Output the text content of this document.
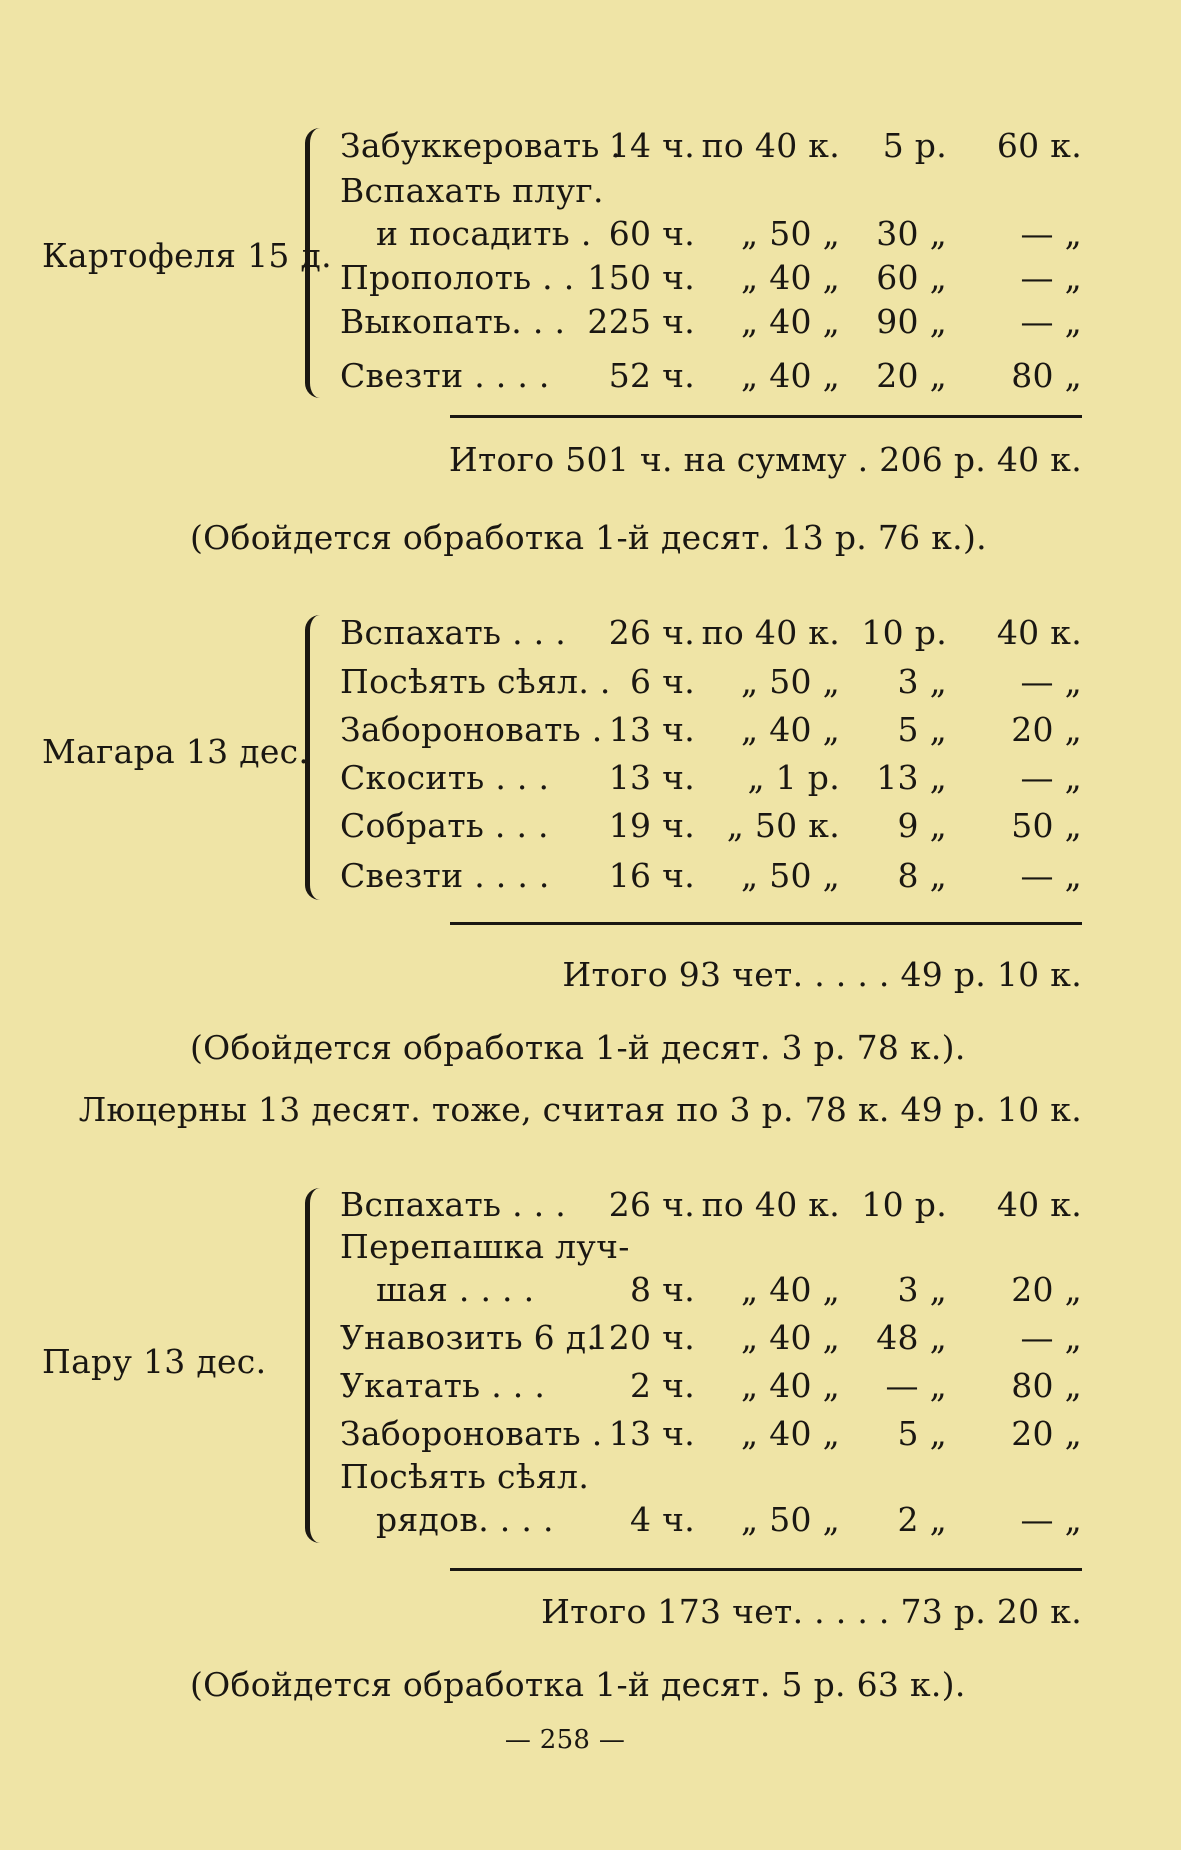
Картофеля 15 д.
Забуккеровать .
14 ч. по 40 к. 5 р. 60 к.
Вспахать плуг.
и посадить . 60 ч. „ 50 „ 30 „ — „
Прополоть . . 150 ч. „ 40 „ 60 „ — „
Выкопать. . . 225 ч. „ 40 „ 90 „ — „
Свезти . . . . 52 ч. „ 40 „ 20 „ 80 „
Итого 501 ч. на сумму . 206 р. 40 к.
(Обойдется обработка 1-й десят. 13 р. 76 к.).
Магара 13 дес.
Вспахать . . . 26 ч. по 40 к. 10 р. 40 к.
Посѣять сѣял. . 6 ч. „ 50 „ 3 „ — „
Забороновать . 13 ч. „ 40 „ 5 „ 20 „
Скосить . . . 13 ч. „ 1 р. 13 „ — „
Собрать . . . 19 ч. „ 50 к. 9 „ 50 „
Свезти . . . . 16 ч. „ 50 „ 8 „ — „
Итого 93 чет. . . . . 49 р. 10 к.
(Обойдется обработка 1-й десят. 3 р. 78 к.).
Люцерны 13 десят. тоже, считая по 3 р. 78 к. 49 р. 10 к.
Пару 13 дес.
Вспахать . . . 26 ч. по 40 к. 10 р. 40 к.
Перепашка луч-
шая . . . .	8 ч. „ 40 „ 3 „ 20 „
Унавозить 6 д. .
120 ч. „ 40 „ 48 „ — „
Укатать . . .	2 ч. „ 40 „ — „ 80 „
Забороновать . 13 ч. „ 40 „ 5 „ 20 „
Посѣять сѣял.
рядов. . . . 4 ч. „ 50 „ 2 „ — „
Итого 173 чет. . . . . 73 р. 20 к.
(Обойдется обработка 1-й десят. 5 р. 63 к.).
— 258 —
